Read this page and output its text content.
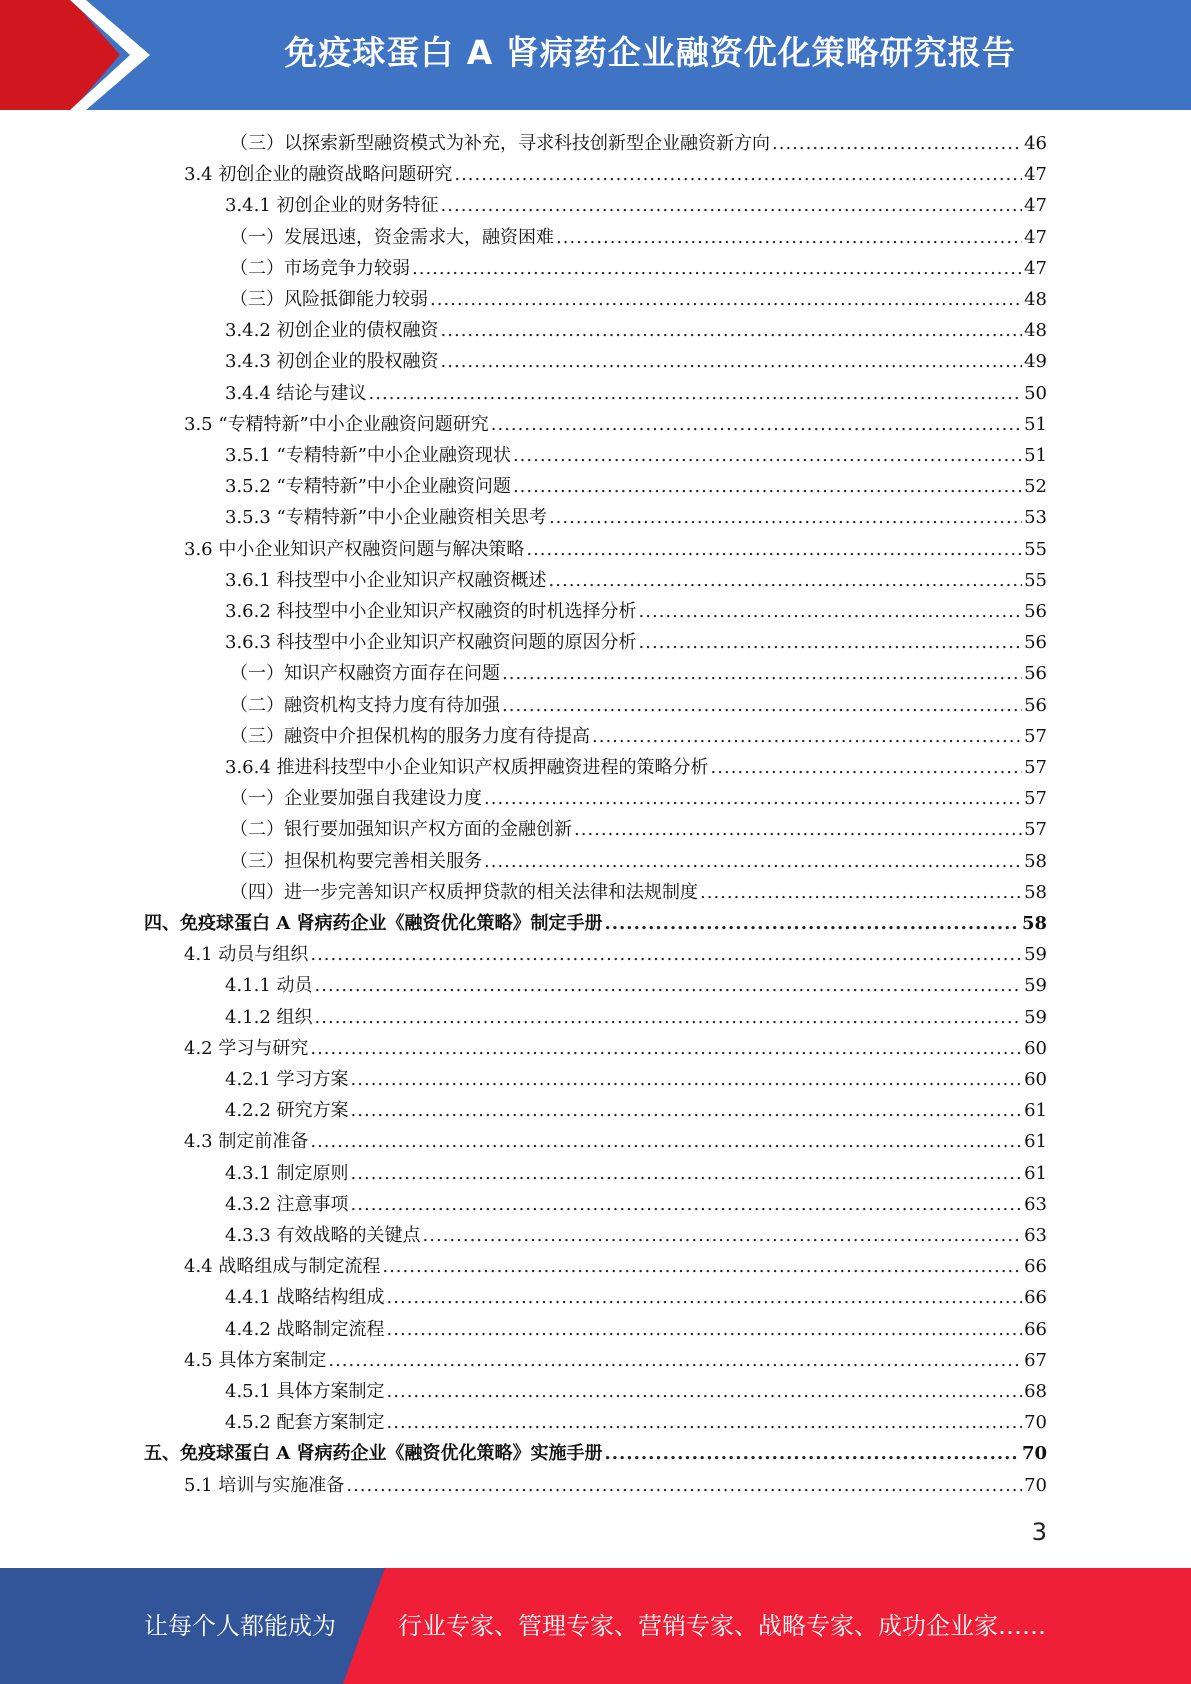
免疫球蛋白 A 肾病药企业融资优化策略研究报告
（三）以探索新型融资模式为补充，寻求科技创新型企业融资新方向 .....	46
3.4 初创企业的融资战略问题研究 .....	47
3.4.1 初创企业的财务特征 .....	47
（一）发展迅速，资金需求大，融资困难 .....	47
（二）市场竞争力较弱 .....	47
（三）风险抵御能力较弱 .....	48
3.4.2 初创企业的债权融资 .....	48
3.4.3 初创企业的股权融资 .....	49
3.4.4 结论与建议 .....	50
3.5 “专精特新”中小企业融资问题研究 .....	51
3.5.1 “专精特新”中小企业融资现状 .....	51
3.5.2 “专精特新”中小企业融资问题 .....	52
3.5.3 “专精特新”中小企业融资相关思考 .....	53
3.6 中小企业知识产权融资问题与解决策略 .....	55
3.6.1 科技型中小企业知识产权融资概述 .....	55
3.6.2 科技型中小企业知识产权融资的时机选择分析 .....	56
3.6.3 科技型中小企业知识产权融资问题的原因分析 .....	56
（一）知识产权融资方面存在问题 .....	56
（二）融资机构支持力度有待加强 .....	56
（三）融资中介担保机构的服务力度有待提高 .....	57
3.6.4 推进科技型中小企业知识产权质押融资进程的策略分析 .....	57
（一）企业要加强自我建设力度 .....	57
（二）银行要加强知识产权方面的金融创新 .....	57
（三）担保机构要完善相关服务 .....	58
（四）进一步完善知识产权质押贷款的相关法律和法规制度 .....	58
四、免疫球蛋白 A 肾病药企业《融资优化策略》制定手册 .....	58
4.1 动员与组织 .....	59
4.1.1 动员 .....	59
4.1.2 组织 .....	59
4.2 学习与研究 .....	60
4.2.1 学习方案 .....	60
4.2.2 研究方案 .....	61
4.3 制定前准备 .....	61
4.3.1 制定原则 .....	61
4.3.2 注意事项 .....	63
4.3.3 有效战略的关键点 .....	63
4.4 战略组成与制定流程 .....	66
4.4.1 战略结构组成 .....	66
4.4.2 战略制定流程 .....	66
4.5 具体方案制定 .....	67
4.5.1 具体方案制定 .....	68
4.5.2 配套方案制定 .....	70
五、免疫球蛋白 A 肾病药企业《融资优化策略》实施手册 .....	70
5.1 培训与实施准备 .....	70
3
让每个人都能成为	行业专家、管理专家、营销专家、战略专家、成功企业家……
